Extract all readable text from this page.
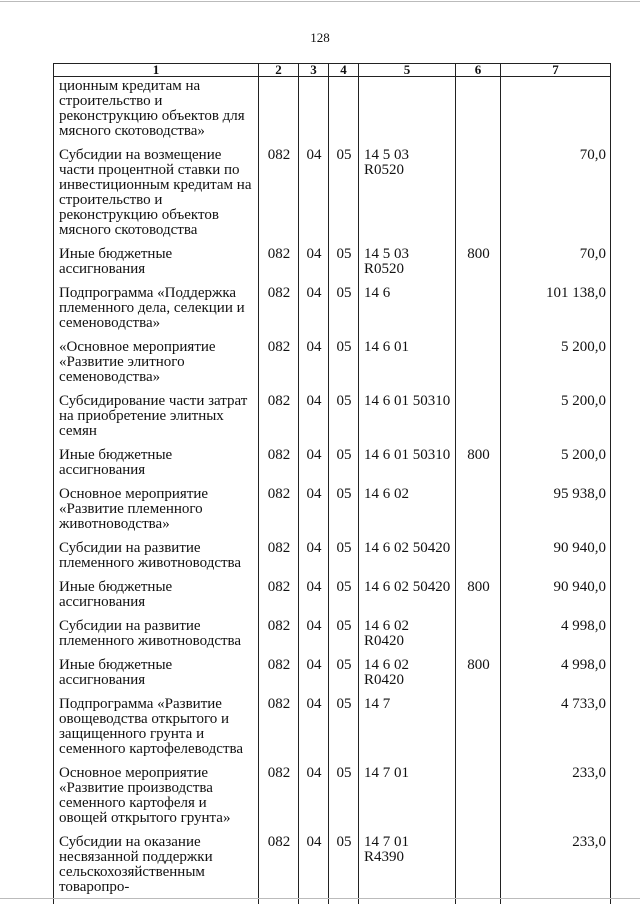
128
1	2	3	4	5	6	7
ционным кредитам на строительство и реконструкцию объектов для мясного скотоводства»						
Субсидии на возмещение части процентной ставки по инвестиционным кредитам на строительство и реконструкцию объектов мясного скотоводства	082	04	05	14 5 03 R0520		70,0
Иные бюджетные ассигнования	082	04	05	14 5 03 R0520	800	70,0
Подпрограмма «Поддержка племенного дела, селекции и семеноводства»	082	04	05	14 6		101 138,0
«Основное мероприятие «Развитие элитного семеноводства»	082	04	05	14 6 01		5 200,0
Субсидирование части затрат на приобретение элитных семян	082	04	05	14 6 01 50310		5 200,0
Иные бюджетные ассигнования	082	04	05	14 6 01 50310	800	5 200,0
Основное мероприятие «Развитие племенного животноводства»	082	04	05	14 6 02		95 938,0
Субсидии на развитие племенного животноводства	082	04	05	14 6 02 50420		90 940,0
Иные бюджетные ассигнования	082	04	05	14 6 02 50420	800	90 940,0
Субсидии на развитие племенного животноводства	082	04	05	14 6 02 R0420		4 998,0
Иные бюджетные ассигнования	082	04	05	14 6 02 R0420	800	4 998,0
Подпрограмма «Развитие овощеводства открытого и защищенного грунта и семенного картофелеводства	082	04	05	14 7		4 733,0
Основное мероприятие «Развитие производства семенного картофеля и овощей открытого грунта»	082	04	05	14 7 01		233,0
Субсидии на оказание несвязанной поддержки сельскохозяйственным товаропро-	082	04	05	14 7 01 R4390		233,0
